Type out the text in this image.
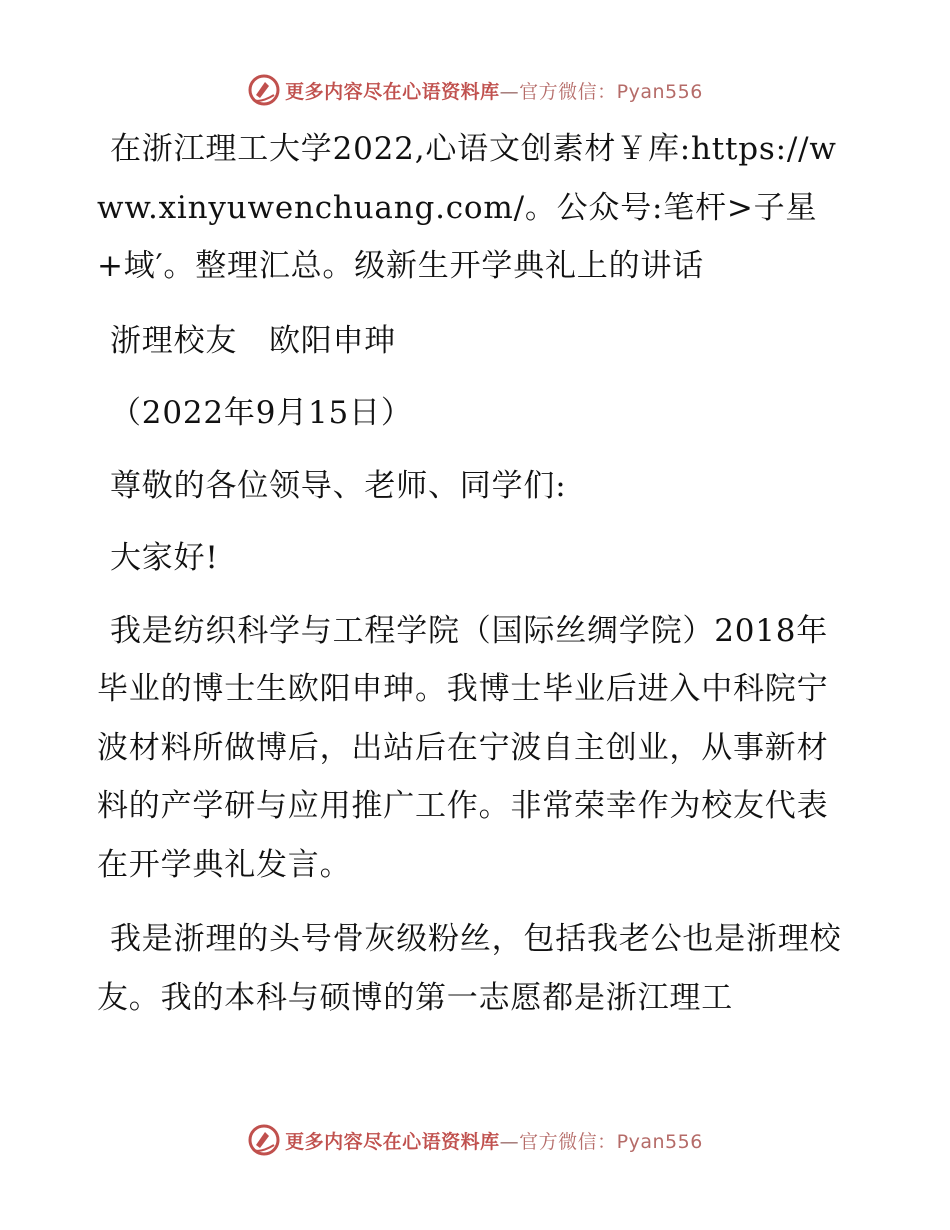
更多内容尽在心语资料库—官方微信：Pyan556

在浙江理工大学2022,心语文创素材￥库:https://www.xinyuwenchuang.com/。公众号:笔杆>子星+域′。整理汇总。级新生开学典礼上的讲话

浙理校友　欧阳申珅

（2022年9月15日）

尊敬的各位领导、老师、同学们:

大家好!

我是纺织科学与工程学院（国际丝绸学院）2018年毕业的博士生欧阳申珅。我博士毕业后进入中科院宁波材料所做博后，出站后在宁波自主创业，从事新材料的产学研与应用推广工作。非常荣幸作为校友代表在开学典礼发言。

我是浙理的头号骨灰级粉丝，包括我老公也是浙理校友。我的本科与硕博的第一志愿都是浙江理工

更多内容尽在心语资料库—官方微信：Pyan556
